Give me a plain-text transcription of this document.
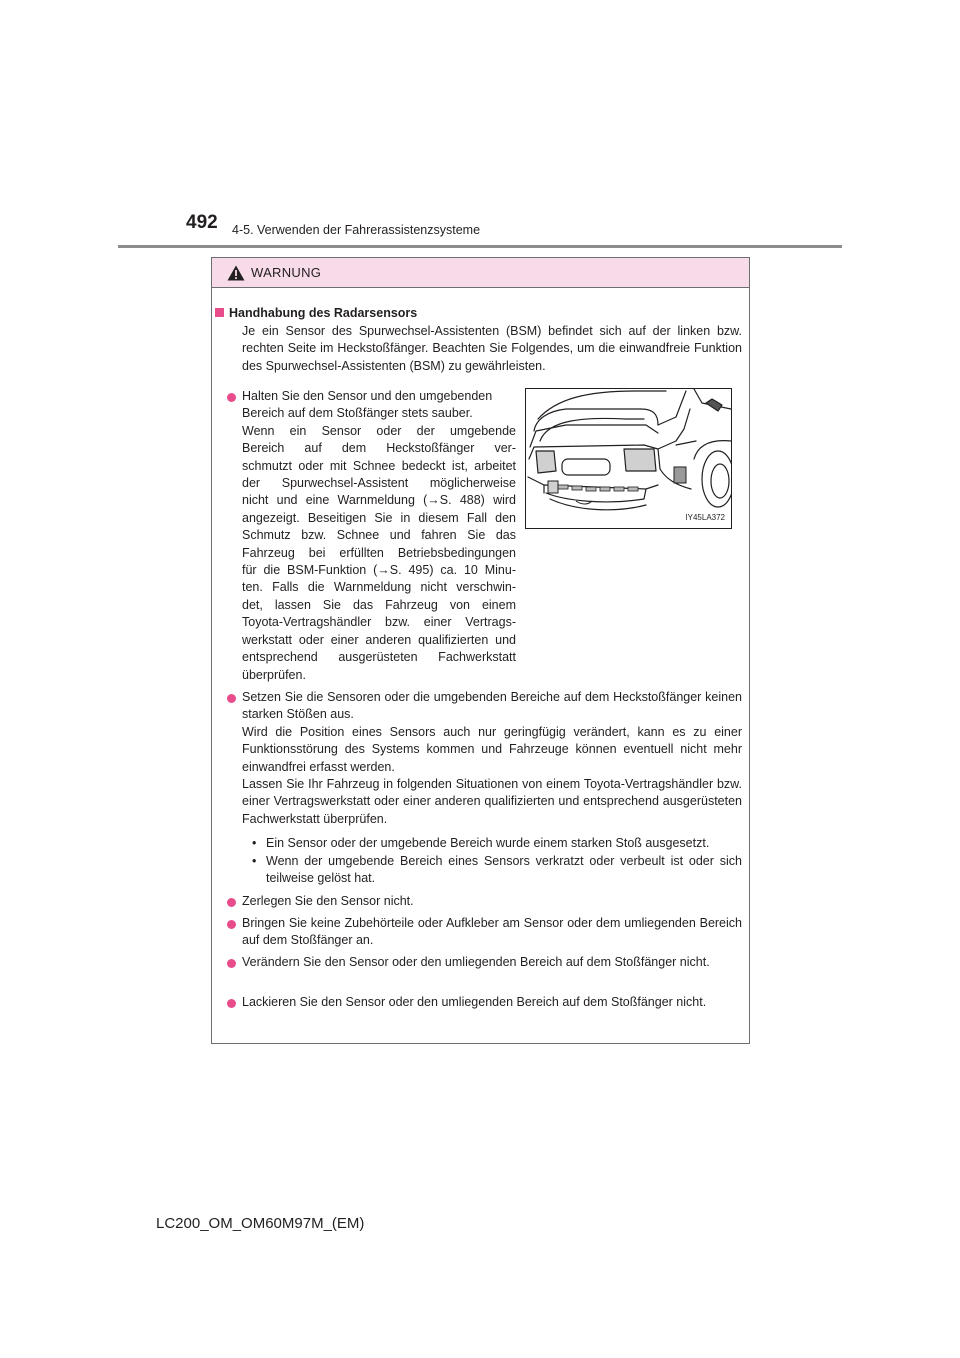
492 4-5. Verwenden der Fahrerassistenzsysteme
WARNUNG
Handhabung des Radarsensors
Je ein Sensor des Spurwechsel-Assistenten (BSM) befindet sich auf der linken bzw. rechten Seite im Heckstoßfänger. Beachten Sie Folgendes, um die einwandfreie Funktion des Spurwechsel-Assistenten (BSM) zu gewährleisten.
Halten Sie den Sensor und den umgebenden
Bereich auf dem Stoßfänger stets sauber.
Wenn ein Sensor oder der umgebende
Bereich auf dem Heckstoßfänger ver-
schmutzt oder mit Schnee bedeckt ist, arbeitet
der Spurwechsel-Assistent möglicherweise
nicht und eine Warnmeldung (→S. 488) wird
angezeigt. Beseitigen Sie in diesem Fall den
Schmutz bzw. Schnee und fahren Sie das
Fahrzeug bei erfüllten Betriebsbedingungen
für die BSM-Funktion (→S. 495) ca. 10 Minu-
ten. Falls die Warnmeldung nicht verschwin-
det, lassen Sie das Fahrzeug von einem
Toyota-Vertragshändler bzw. einer Vertrags-
werkstatt oder einer anderen qualifizierten und
entsprechend ausgerüsteten Fachwerkstatt
überprüfen.
IY45LA372
Setzen Sie die Sensoren oder die umgebenden Bereiche auf dem Heckstoßfänger keinen starken Stößen aus.
Wird die Position eines Sensors auch nur geringfügig verändert, kann es zu einer Funktionsstörung des Systems kommen und Fahrzeuge können eventuell nicht mehr einwandfrei erfasst werden.
Lassen Sie Ihr Fahrzeug in folgenden Situationen von einem Toyota-Vertragshändler bzw. einer Vertragswerkstatt oder einer anderen qualifizierten und entsprechend ausgerüsteten Fachwerkstatt überprüfen.
• Ein Sensor oder der umgebende Bereich wurde einem starken Stoß ausgesetzt.
• Wenn der umgebende Bereich eines Sensors verkratzt oder verbeult ist oder sich teilweise gelöst hat.
Zerlegen Sie den Sensor nicht.
Bringen Sie keine Zubehörteile oder Aufkleber am Sensor oder dem umliegenden Bereich auf dem Stoßfänger an.
Verändern Sie den Sensor oder den umliegenden Bereich auf dem Stoßfänger nicht.
Lackieren Sie den Sensor oder den umliegenden Bereich auf dem Stoßfänger nicht.
LC200_OM_OM60M97M_(EM)
